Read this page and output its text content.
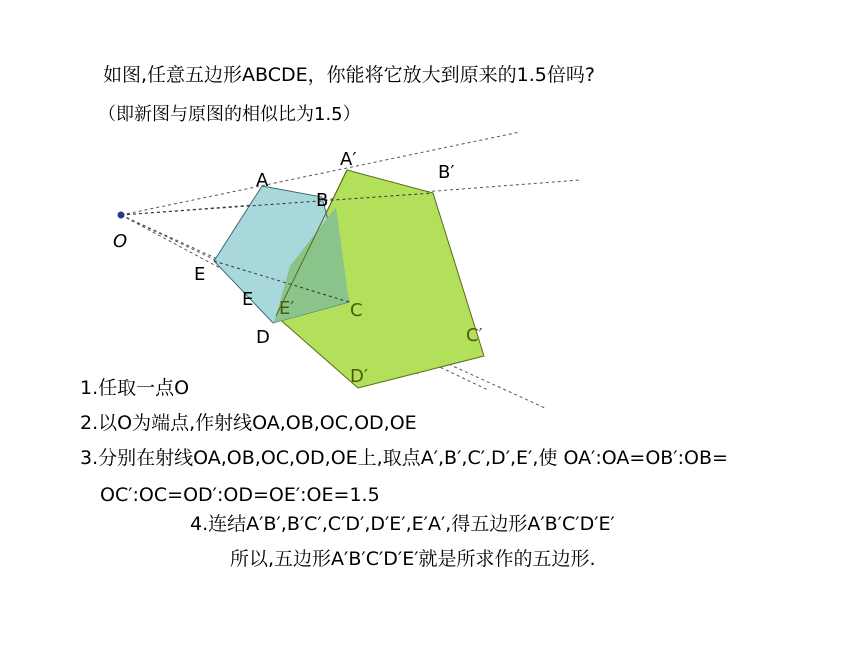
如图,任意五边形ABCDE，你能将它放大到原来的1.5倍吗?
（即新图与原图的相似比为1.5）
O
A
B
C
D
E
E
A′
B′
C′
D′
E′
1.任取一点O
2.以O为端点,作射线OA,OB,OC,OD,OE
3.分别在射线OA,OB,OC,OD,OE上,取点A′,B′,C′,D′,E′,使 OA′:OA=OB′:OB=
OC′:OC=OD′:OD=OE′:OE=1.5
4.连结A′B′,B′C′,C′D′,D′E′,E′A′,得五边形A′B′C′D′E′
所以,五边形A′B′C′D′E′就是所求作的五边形.
